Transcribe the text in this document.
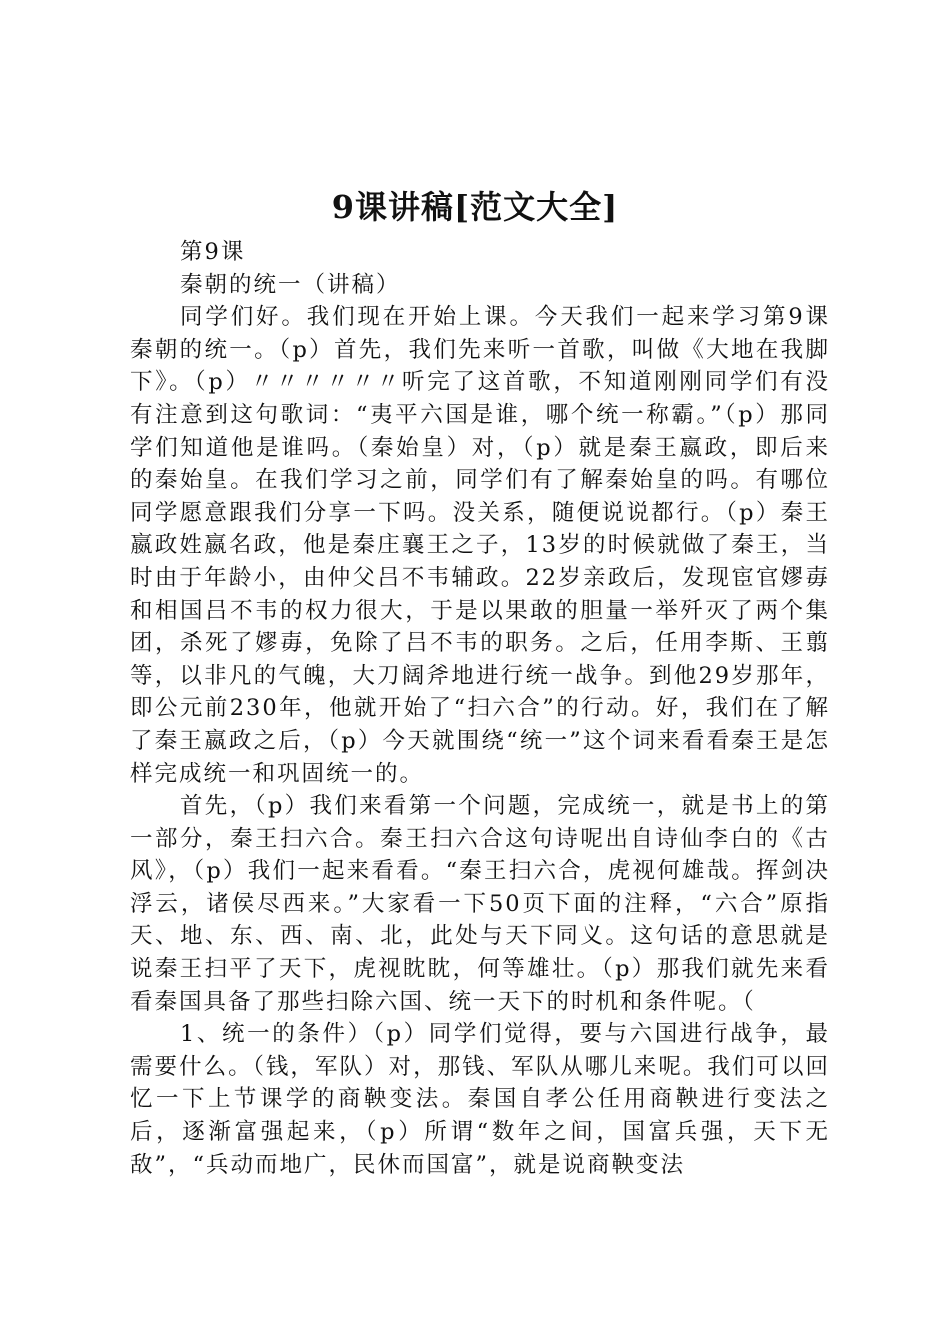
9课讲稿[范文大全]

第9课

秦朝的统一（讲稿）

同学们好。我们现在开始上课。今天我们一起来学习第9课秦朝的统一。（p）首先，我们先来听一首歌，叫做《大地在我脚下》。（p）〃〃〃〃〃〃听完了这首歌，不知道刚刚同学们有没有注意到这句歌词：“夷平六国是谁，哪个统一称霸。”（p）那同学们知道他是谁吗。（秦始皇）对，（p）就是秦王嬴政，即后来的秦始皇。在我们学习之前，同学们有了解秦始皇的吗。有哪位同学愿意跟我们分享一下吗。没关系，随便说说都行。（p）秦王嬴政姓嬴名政，他是秦庄襄王之子，13岁的时候就做了秦王，当时由于年龄小，由仲父吕不韦辅政。22岁亲政后，发现宦官嫪毐和相国吕不韦的权力很大，于是以果敢的胆量一举歼灭了两个集团，杀死了嫪毐，免除了吕不韦的职务。之后，任用李斯、王翦等，以非凡的气魄，大刀阔斧地进行统一战争。到他29岁那年，即公元前230年，他就开始了“扫六合”的行动。好，我们在了解了秦王嬴政之后，（p）今天就围绕“统一”这个词来看看秦王是怎样完成统一和巩固统一的。

首先，（p）我们来看第一个问题，完成统一，就是书上的第一部分，秦王扫六合。秦王扫六合这句诗呢出自诗仙李白的《古风》，（p）我们一起来看看。“秦王扫六合，虎视何雄哉。挥剑决浮云，诸侯尽西来。”大家看一下50页下面的注释，“六合”原指天、地、东、西、南、北，此处与天下同义。这句话的意思就是说秦王扫平了天下，虎视眈眈，何等雄壮。（p）那我们就先来看看秦国具备了那些扫除六国、统一天下的时机和条件呢。（

1、统一的条件）（p）同学们觉得，要与六国进行战争，最需要什么。（钱，军队）对，那钱、军队从哪儿来呢。我们可以回忆一下上节课学的商鞅变法。秦国自孝公任用商鞅进行变法之后，逐渐富强起来，（p）所谓“数年之间，国富兵强，天下无敌”，“兵动而地广，民休而国富”，就是说商鞅变法
